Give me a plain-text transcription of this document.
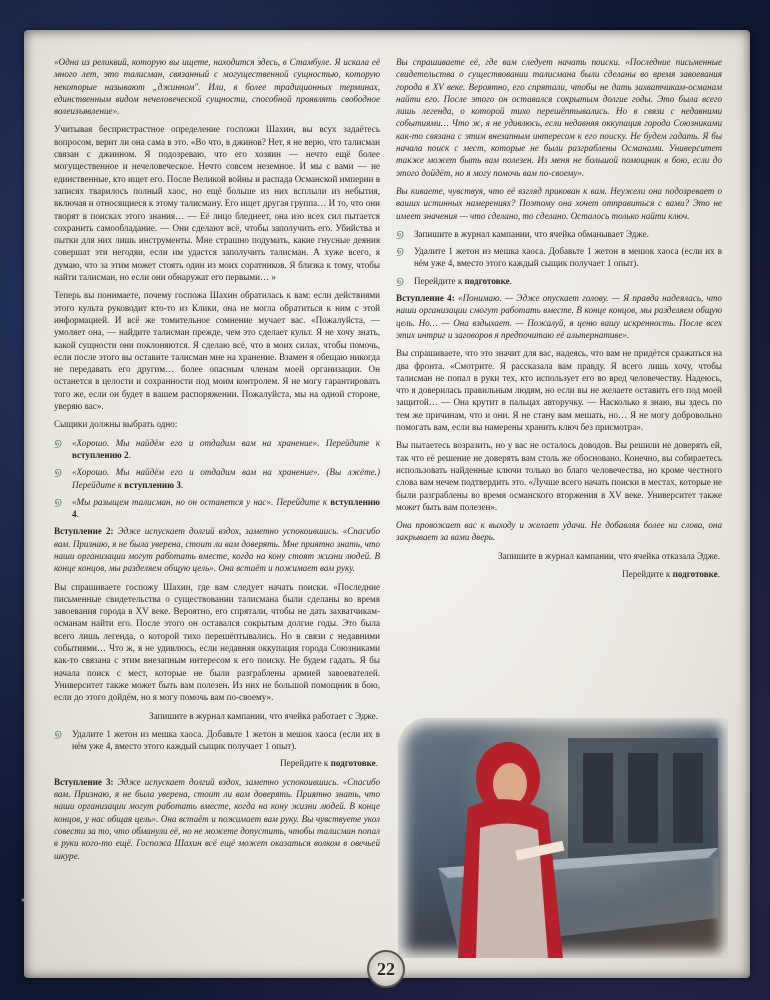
«Одна из реликвий, которую вы ищете, находится здесь, в Стамбуле. Я искала её много лет, это талисман, связанный с могущественной сущностью, которую некоторые называют „джинном". Или, в более традиционных терминах, единственным видом нечеловеческой сущности, способной проявлять свободное волеизъявление».

Учитывая беспристрастное определение госпожи Шахин, вы всух задаётесь вопросом, верит ли она сама в это. «Во что, в джинов? Нет, я не верю, что талисман связан с джинном. Я подозреваю, что его хозяин — нечто ещё более могущественное и нечеловеческое. Нечто совсем неземное. И мы с вами — не единственные, кто ищет его. После Великой войны и распада Османской империи в записях тварилось полный хаос, но ещё больше из них всплыли из небытия, включая и относящиеся к этому талисману. Его ищет другая группа… И то, что они творят в поисках этого знания… — Её лицо бледнеет, она изо всех сил пытается сохранить самообладание. — Они сделают всё, чтобы заполучить его. Убийства и пытки для них лишь инструменты. Мне страшно подумать, какие гнусные деяния совершат эти негодяи, если им удастся заполучить талисман. А хуже всего, я думаю, что за этим может стоять один из моих соратников. Я близка к тому, чтобы найти талисман, но если они обнаружат его первыми… »

Теперь вы понимаете, почему госпожа Шахин обратилась к вам: если действиями этого культа руководит кто-то из Клики, она не могла обратиться к ним с этой информацией. И всё же томительное сомнение мучает вас. «Пожалуйста, — умоляет она, — найдите талисман прежде, чем это сделает культ. Я не хочу знать, какой сущности они поклоняются. Я сделаю всё, что в моих силах, чтобы помочь, если после этого вы оставите талисман мне на хранение. Взамен я обещаю никогда не передавать его другим… более опасным членам моей организации. Он останется в целости и сохранности под моим контролем. Я не могу гарантировать того же, если он будет в вашем распоряжении. Пожалуйста, мы на одной стороне, уверяю вас».

Сыщики должны выбрать одно:

୭	«Хорошо. Мы найдём его и отдадим вам на хранение». Перейдите к вступлению 2.
୭	«Хорошо. Мы найдём его и отдадим вам на хранение». (Вы лжёте.) Перейдите к вступлению 3.
୭	«Мы разыщем талисман, но он останется у нас». Перейдите к вступлению 4.

Вступление 2: Эдже испускает долгий вздох, заметно успокоившись. «Спасибо вам. Признаю, я не была уверена, стоит ли вам доверять. Мне приятно знать, что наши организации могут работать вместе, когда на кону стоят жизни людей. В конце концов, мы разделяем общую цель». Она встаёт и пожимает вам руку.

Вы спрашиваете госпожу Шахин, где вам следует начать поиски. «Последние письменные свидетельства о существовании талисмана были сделаны во время завоевания города в XV веке. Вероятно, его спрятали, чтобы не дать захватчикам-османам найти его. После этого он оставался сокрытым долгие годы. Это была всего лишь легенда, о которой тихо перешёптывались. Но в связи с недавними событиями… Что ж, я не удивлюсь, если недавняя оккупация города Союзниками как-то связана с этим внезапным интересом к его поиску. Не будем гадать. Я бы начала поиск с мест, которые не были разграблены армией завоевателей. Университет также может быть вам полезен. Из них не большой помощник в бою, если до этого дойдём, но я могу помочь вам по-своему».

Запишите в журнал кампании, что ячейка работает с Эдже.

୭	Удалите 1 жетон из мешка хаоса. Добавьте 1 жетон в мешок хаоса (если их в нём уже 4, вместо этого каждый сыщик получает 1 опыт).

Перейдите к подготовке.

Вступление 3: Эдже испускает долгий вздох, заметно успокоившись. «Спасибо вам. Признаю, я не была уверена, стоит ли вам доверять. Приятно знать, что наши организации могут работать вместе, когда на кону жизни людей. В конце концов, у нас общая цель». Она встаёт и пожимает вам руку. Вы чувствуете укол совести за то, что обманули её, но не можете допустить, чтобы талисман попал в руки кого-то ещё. Госпожа Шахин всё ещё может оказаться волком в овечьей шкуре.

Вы спрашиваете её, где вам следует начать поиски. «Последние письменные свидетельства о существовании талисмана были сделаны во время завоевания города в XV веке. Вероятно, его спрятали, чтобы не дать захватчикам-османам найти его. После этого он оставался сокрытым долгие годы. Это была всего лишь легенда, о которой тихо перешёптывались. Но в связи с недавними событиями… Что ж, я не удивлюсь, если недавняя оккупация города Союзниками как-то связана с этим внезапным интересом к его поиску. Не будем гадать. Я бы начала поиск с мест, которые не были разграблены Османами. Университет также может быть вам полезен. Из меня не большой помощник в бою, если до этого дойдёт, но я могу помочь вам по-своему».

Вы киваете, чувствуя, что её взгляд прикован к вам. Неужели она подозревает о ваших истинных намерениях? Поэтому она хочет отправиться с вами? Это не имеет значения — что сделано, то сделано. Осталось только найти ключ.

୭	Запишите в журнал кампании, что ячейка обманывает Эдже.
୭	Удалите 1 жетон из мешка хаоса. Добавьте 1 жетон в мешок хаоса (если их в нём уже 4, вместо этого каждый сыщик получает 1 опыт).
୭	Перейдите к подготовке.

Вступление 4: «Понимаю. — Эдже опускает голову. — Я правда надеялась, что наши организации смогут работать вместе. В конце концов, мы разделяем общую цель. Но… — Она вздыхает. — Пожалуй, я ценю вашу искренность. После всех этих интриг и заговоров я предпочитаю её альтернативе».

Вы спрашиваете, что это значит для вас, надеясь, что вам не придётся сражаться на два фронта. «Смотрите. Я рассказала вам правду. Я всего лишь хочу, чтобы талисман не попал в руки тех, кто использует его во вред человечеству. Надеюсь, что я доверилась правильным людям, но если вы не желаете оставить его под моей защитой… — Она крутит в пальцах авторучку. — Насколько я знаю, вы здесь по тем же причинам, что и они. Я не стану вам мешать, но… Я не могу добровольно помогать вам, если вы намерены хранить ключ без присмотра».

Вы пытаетесь возразить, но у вас не осталось доводов. Вы решили не доверять ей, так что её решение не доверять вам столь же обосновано. Конечно, вы собираетесь использовать найденные ключи только во благо человечества, но кроме честного слова вам нечем подтвердить это. «Лучше всего начать поиски в местах, которые не были разграблены во время османского вторжения в XV веке. Университет также может быть вам полезен».

Она провожает вас к выходу и желает удачи. Не добавляя более ни слова, она закрывает за вами дверь.

Запишите в журнал кампании, что ячейка отказала Эдже.

Перейдите к подготовке.

22
